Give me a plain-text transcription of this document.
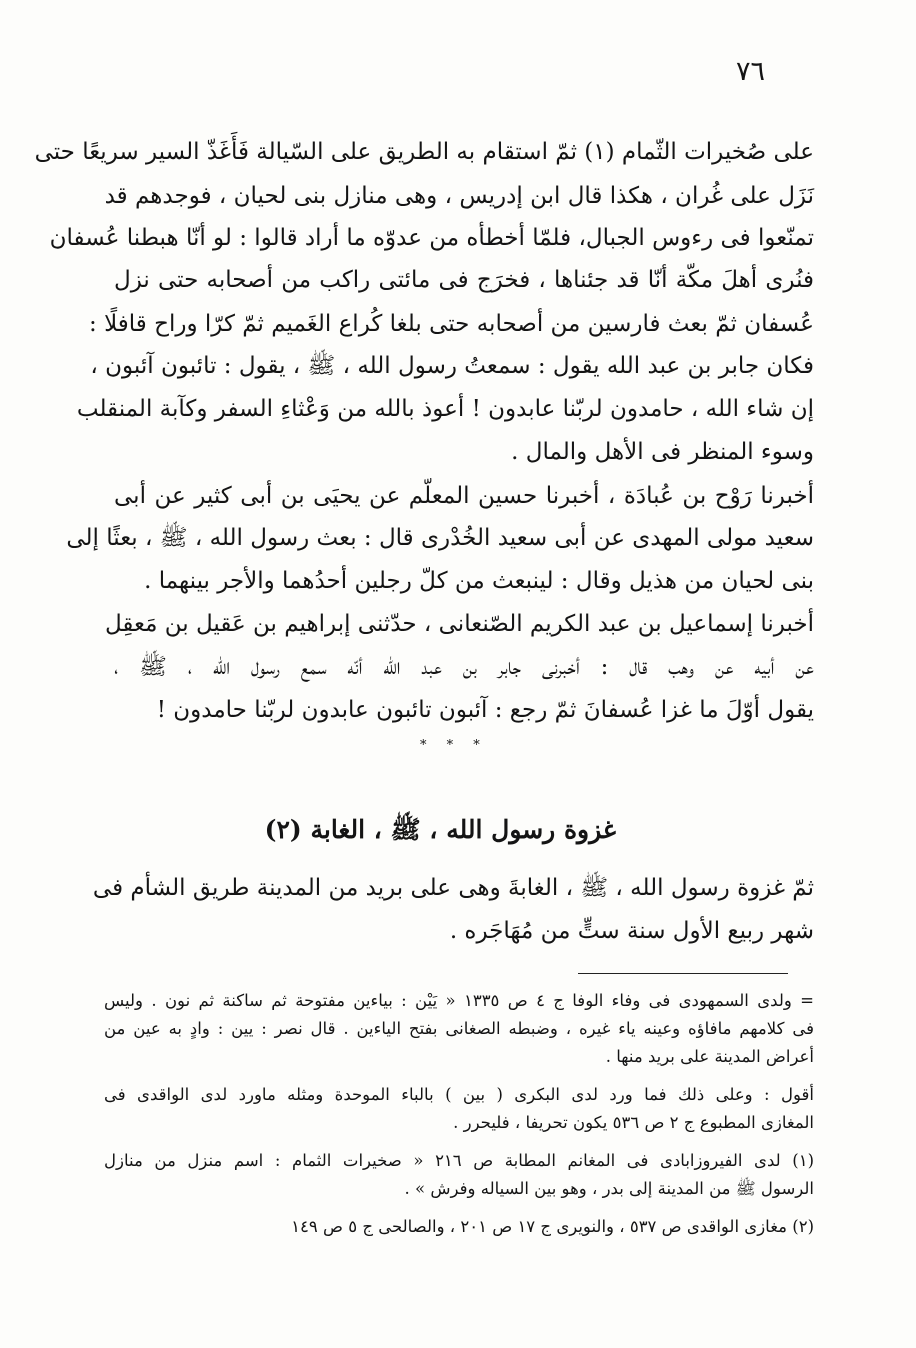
٧٦
على صُخيرات الثّمام (١) ثمّ استقام به الطريق على السّيالة فَأَغَذّ السير سريعًا حتى
نَزَل على غُران ، هكذا قال ابن إدريس ، وهى منازل بنى لحيان ، فوجدهم قد
تمنّعوا فى رءوس الجبال، فلمّا أخطأه من عدوّه ما أراد قالوا : لو أنّا هبطنا عُسفان
فنُرى أهلَ مكّة أنّا قد جئناها ، فخرَج فى مائتى راكب من أصحابه حتى نزل
عُسفان ثمّ بعث فارسين من أصحابه حتى بلغا كُراع الغَميم ثمّ كرّا وراح قافلًا :
فكان جابر بن عبد الله يقول : سمعتُ رسول الله ، ﷺ ، يقول : تائبون آئبون ،
إن شاء الله ، حامدون لربّنا عابدون ! أعوذ بالله من وَعْثاءِ السفر وكآبة المنقلب
وسوء المنظر فى الأهل والمال .
أخبرنا رَوْح بن عُبادَة ، أخبرنا حسين المعلّم عن يحيَى بن أبى كثير عن أبى
سعيد مولى المهدى عن أبى سعيد الخُدْرى قال : بعث رسول الله ، ﷺ ، بعثًا إلى
بنى لحيان من هذيل وقال : لينبعث من كلّ رجلين أحدُهما والأجر بينهما .
أخبرنا إسماعيل بن عبد الكريم الصّنعانى ، حدّثنى إبراهيم بن عَقيل بن مَعقِل
عن أبيه عن وهب قال : أخبرنى جابر بن عبد الله أنّه سمع رسول الله ، ﷺ ،
يقول أوّلَ ما غزا عُسفانَ ثمّ رجع : آئبون تائبون عابدون لربّنا حامدون !
* * *
غزوة رسول الله ، ﷺ ، الغابة (٢)
ثمّ غزوة رسول الله ، ﷺ ، الغابةَ وهى على بريد من المدينة طريق الشأم فى
شهر ربيع الأول سنة ستٍّ من مُهَاجَره .
= ولدى السمهودى فى وفاء الوفا ج ٤ ص ١٣٣٥ « يَيْن : بياءين مفتوحة ثم ساكنة ثم نون . وليس
فى كلامهم مافاؤه وعينه ياء غيره ، وضبطه الصغانى بفتح الياءين . قال نصر : يين : وادٍ به عين من
أعراض المدينة على بريد منها .
أقول : وعلى ذلك فما ورد لدى البكرى ( بين ) بالباء الموحدة ومثله ماورد لدى الواقدى فى
المغازى المطبوع ج ٢ ص ٥٣٦ يكون تحريفا ، فليحرر .
(١) لدى الفيروزابادى فى المغانم المطابة ص ٢١٦ « صخيرات الثمام : اسم منزل من منازل
الرسول ﷺ من المدينة إلى بدر ، وهو بين السياله وفرش » .
(٢) مغازى الواقدى ص ٥٣٧ ، والنويرى ج ١٧ ص ٢٠١ ، والصالحى ج ٥ ص ١٤٩
